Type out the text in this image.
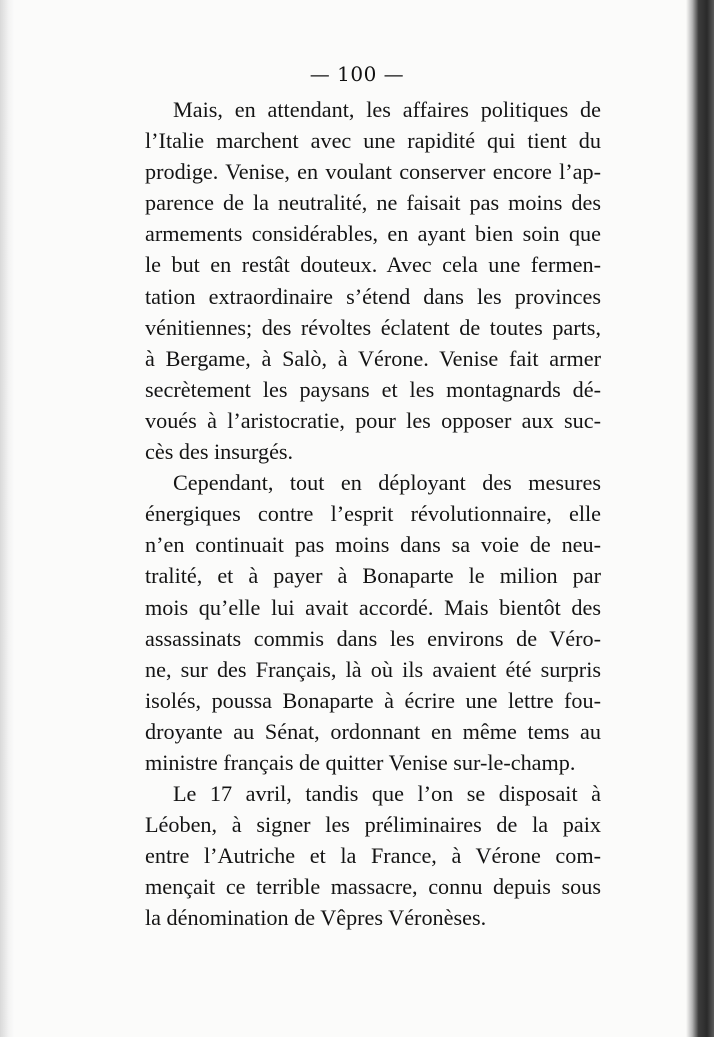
— 100 —
Mais, en attendant, les affaires politiques de
l’Italie marchent avec une rapidité qui tient du
prodige. Venise, en voulant conserver encore l’ap-
parence de la neutralité, ne faisait pas moins des
armements considérables, en ayant bien soin que
le but en restât douteux. Avec cela une fermen-
tation extraordinaire s’étend dans les provinces
vénitiennes; des révoltes éclatent de toutes parts,
à Bergame, à Salò, à Vérone. Venise fait armer
secrètement les paysans et les montagnards dé-
voués à l’aristocratie, pour les opposer aux suc-
cès des insurgés.
Cependant, tout en déployant des mesures
énergiques contre l’esprit révolutionnaire, elle
n’en continuait pas moins dans sa voie de neu-
tralité, et à payer à Bonaparte le milion par
mois qu’elle lui avait accordé. Mais bientôt des
assassinats commis dans les environs de Véro-
ne, sur des Français, là où ils avaient été surpris
isolés, poussa Bonaparte à écrire une lettre fou-
droyante au Sénat, ordonnant en même tems au
ministre français de quitter Venise sur-le-champ.
Le 17 avril, tandis que l’on se disposait à
Léoben, à signer les préliminaires de la paix
entre l’Autriche et la France, à Vérone com-
mençait ce terrible massacre, connu depuis sous
la dénomination de Vêpres Véronèses.
